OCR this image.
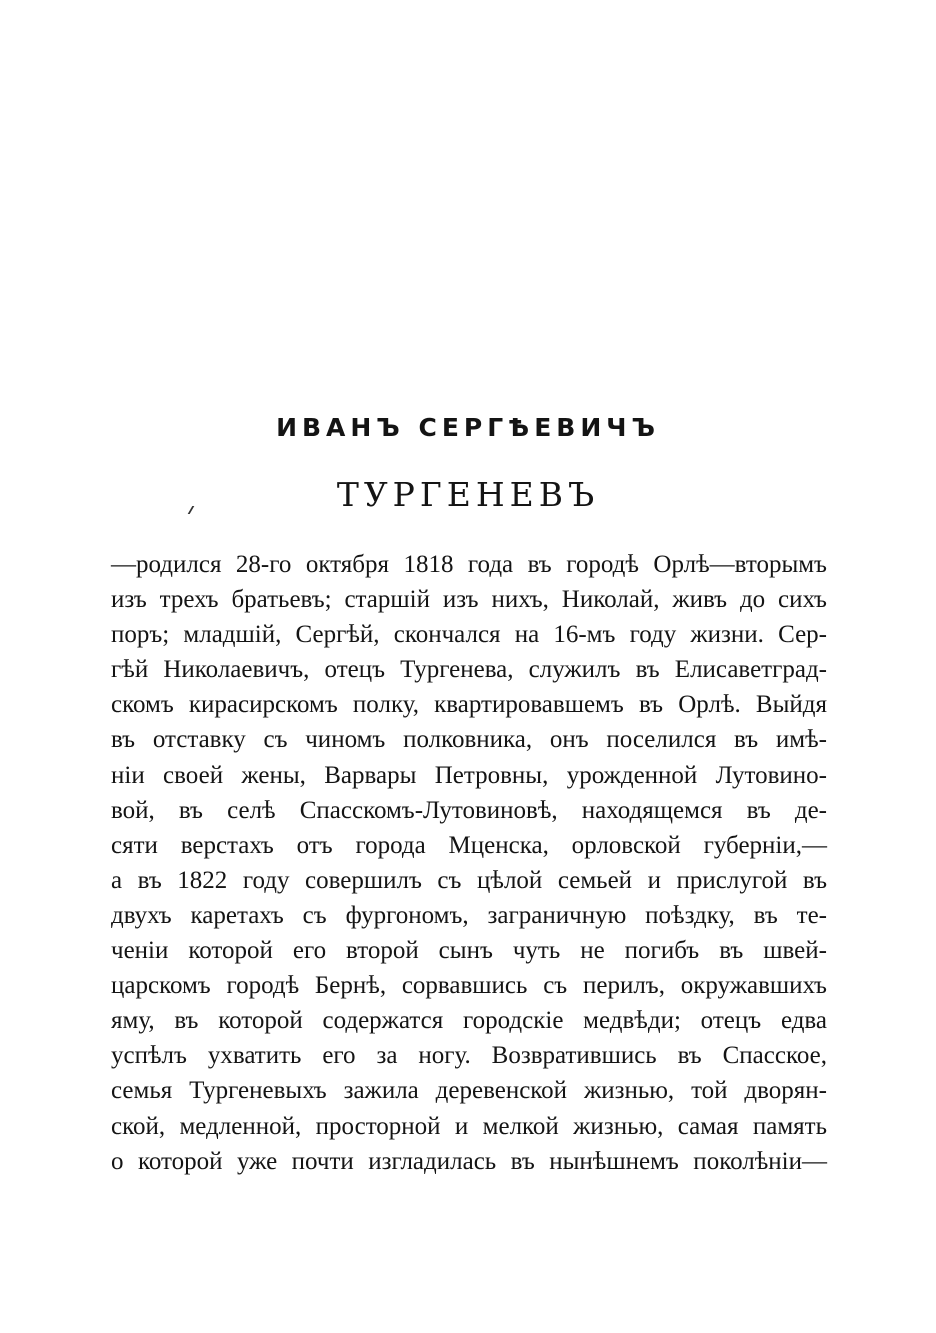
ИВАНЪ СЕРГѢЕВИЧЪ
ТУРГЕНЕВЪ
—родился 28-го октября 1818 года въ городѣ Орлѣ—вторымъ
изъ трехъ братьевъ; старшій изъ нихъ, Николай, живъ до сихъ
поръ; младшій, Сергѣй, скончался на 16-мъ году жизни. Сер-
гѣй Николаевичъ, отецъ Тургенева, служилъ въ Елисаветград-
скомъ кирасирскомъ полку, квартировавшемъ въ Орлѣ. Выйдя
въ отставку съ чиномъ полковника, онъ поселился въ имѣ-
ніи своей жены, Варвары Петровны, урожденной Лутовино-
вой, въ селѣ Спасскомъ-Лутовиновѣ, находящемся въ де-
сяти верстахъ отъ города Мценска, орловской губерніи,—
а въ 1822 году совершилъ съ цѣлой семьей и прислугой въ
двухъ каретахъ съ фургономъ, заграничную поѣздку, въ те-
ченіи которой его второй сынъ чуть не погибъ въ швей-
царскомъ городѣ Бернѣ, сорвавшись съ перилъ, окружавшихъ
яму, въ которой содержатся городскіе медвѣди; отецъ едва
успѣлъ ухватить его за ногу. Возвратившись въ Спасское,
семья Тургеневыхъ зажила деревенской жизнью, той дворян-
ской, медленной, просторной и мелкой жизнью, самая память
о которой уже почти изгладилась въ нынѣшнемъ поколѣніи—
